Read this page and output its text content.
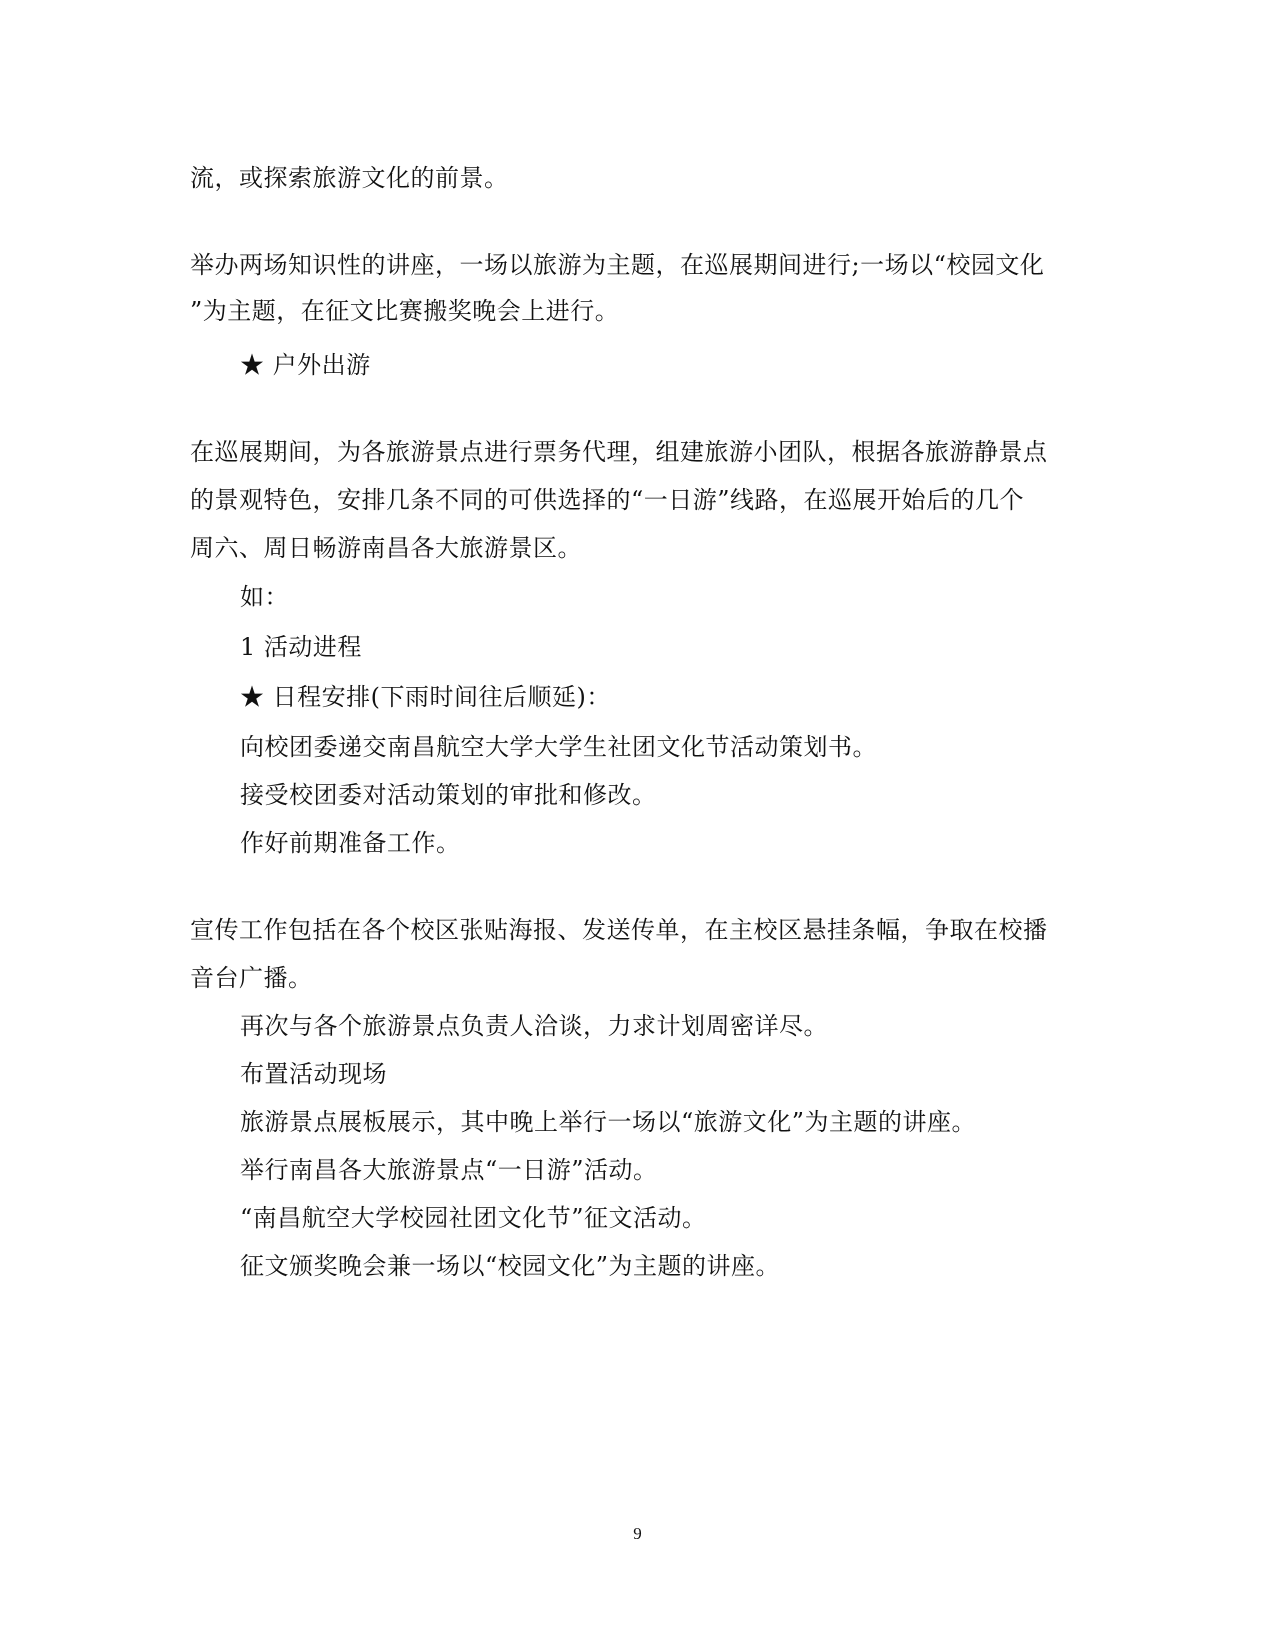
流，或探索旅游文化的前景。
举办两场知识性的讲座，一场以旅游为主题，在巡展期间进行;一场以“校园文化
”为主题，在征文比赛搬奖晚会上进行。
★ 户外出游
在巡展期间，为各旅游景点进行票务代理，组建旅游小团队，根据各旅游静景点
的景观特色，安排几条不同的可供选择的“一日游”线路，在巡展开始后的几个
周六、周日畅游南昌各大旅游景区。
如：
1 活动进程
★ 日程安排(下雨时间往后顺延)：
向校团委递交南昌航空大学大学生社团文化节活动策划书。
接受校团委对活动策划的审批和修改。
作好前期准备工作。
宣传工作包括在各个校区张贴海报、发送传单，在主校区悬挂条幅，争取在校播
音台广播。
再次与各个旅游景点负责人洽谈，力求计划周密详尽。
布置活动现场
旅游景点展板展示，其中晚上举行一场以“旅游文化”为主题的讲座。
举行南昌各大旅游景点“一日游”活动。
“南昌航空大学校园社团文化节”征文活动。
征文颁奖晚会兼一场以“校园文化”为主题的讲座。
9
